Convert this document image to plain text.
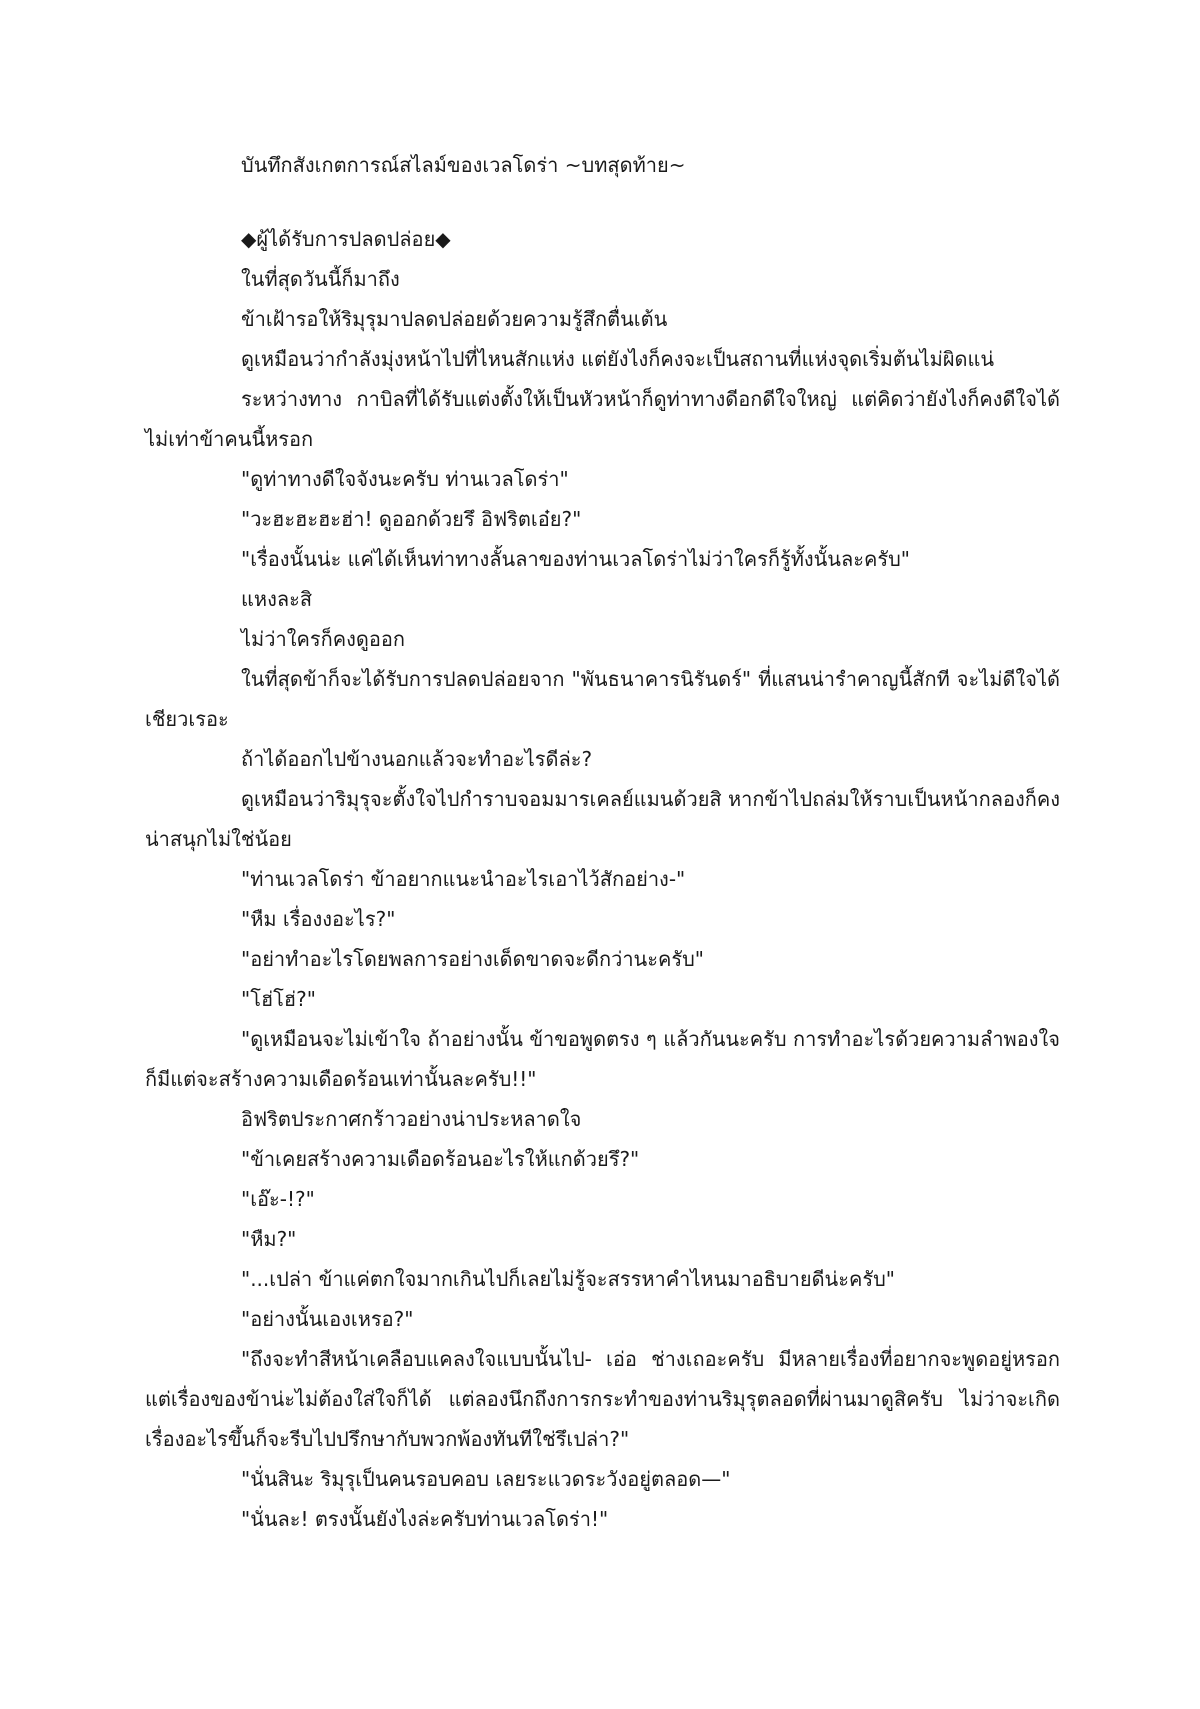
บันทึกสังเกตการณ์สไลม์ของเวลโดร่า ~บทสุดท้าย~
◆ผู้ได้รับการปลดปล่อย◆

ในที่สุดวันนี้ก็มาถึง

ข้าเฝ้ารอให้ริมุรุมาปลดปล่อยด้วยความรู้สึกตื่นเต้น

ดูเหมือนว่ากำลังมุ่งหน้าไปที่ไหนสักแห่ง แต่ยังไงก็คงจะเป็นสถานที่แห่งจุดเริ่มต้นไม่ผิดแน่

ระหว่างทาง กาบิลที่ได้รับแต่งตั้งให้เป็นหัวหน้าก็ดูท่าทางดีอกดีใจใหญ่ แต่คิดว่ายังไงก็คงดีใจได้ไม่เท่าข้าคนนี้หรอก

"ดูท่าทางดีใจจังนะครับ ท่านเวลโดร่า"

"วะฮะฮะฮะฮ่า! ดูออกด้วยรึ อิฟริตเอ๋ย?"

"เรื่องนั้นน่ะ แค่ได้เห็นท่าทางลั้นลาของท่านเวลโดร่าไม่ว่าใครก็รู้ทั้งนั้นละครับ"

แหงละสิ

ไม่ว่าใครก็คงดูออก

ในที่สุดข้าก็จะได้รับการปลดปล่อยจาก "พันธนาคารนิรันดร์" ที่แสนน่ารำคาญนี้สักที จะไม่ดีใจได้เชียวเรอะ

ถ้าได้ออกไปข้างนอกแล้วจะทำอะไรดีล่ะ?

ดูเหมือนว่าริมุรุจะตั้งใจไปกำราบจอมมารเคลย์แมนด้วยสิ หากข้าไปถล่มให้ราบเป็นหน้ากลองก็คงน่าสนุกไม่ใช่น้อย

"ท่านเวลโดร่า ข้าอยากแนะนำอะไรเอาไว้สักอย่าง-"

"หืม เรื่องงอะไร?"

"อย่าทำอะไรโดยพลการอย่างเด็ดขาดจะดีกว่านะครับ"

"โฮ่โฮ่?"

"ดูเหมือนจะไม่เข้าใจ ถ้าอย่างนั้น ข้าขอพูดตรง ๆ แล้วกันนะครับ การทำอะไรด้วยความลำพองใจก็มีแต่จะสร้างความเดือดร้อนเท่านั้นละครับ!!"

อิฟริตประกาศกร้าวอย่างน่าประหลาดใจ

"ข้าเคยสร้างความเดือดร้อนอะไรให้แกด้วยรึ?"

"เอ๊ะ-!?"

"หืม?"

"...เปล่า ข้าแค่ตกใจมากเกินไปก็เลยไม่รู้จะสรรหาคำไหนมาอธิบายดีน่ะครับ"

"อย่างนั้นเองเหรอ?"

"ถึงจะทำสีหน้าเคลือบแคลงใจแบบนั้นไป- เอ่อ ช่างเถอะครับ มีหลายเรื่องที่อยากจะพูดอยู่หรอก แต่เรื่องของข้าน่ะไม่ต้องใส่ใจก็ได้ แต่ลองนึกถึงการกระทำของท่านริมุรุตลอดที่ผ่านมาดูสิครับ ไม่ว่าจะเกิดเรื่องอะไรขึ้นก็จะรีบไปปรึกษากับพวกพ้องทันทีใช่รึเปล่า?"

"นั่นสินะ ริมุรุเป็นคนรอบคอบ เลยระแวดระวังอยู่ตลอด—"

"นั่นละ! ตรงนั้นยังไงล่ะครับท่านเวลโดร่า!"
